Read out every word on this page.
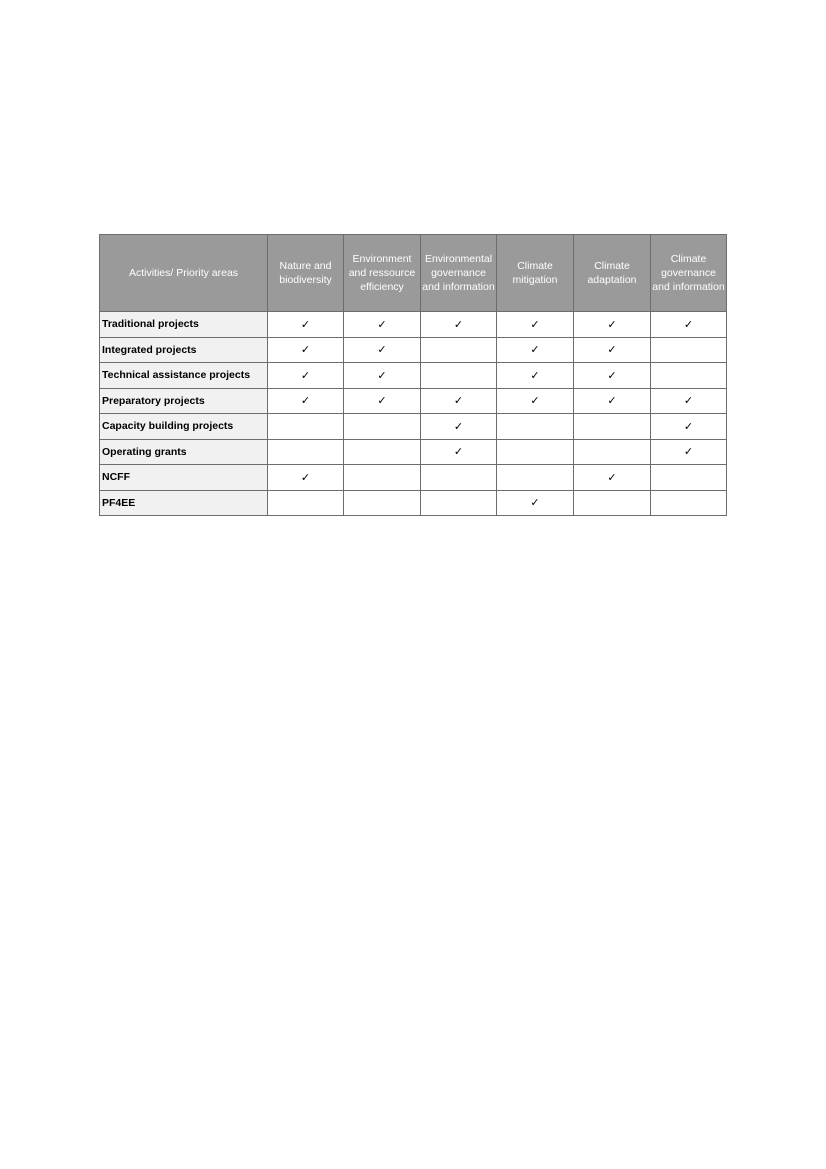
Activities/ Priority areas	Nature and biodiversity	Environment and ressource efficiency	Environmental governance and information	Climate mitigation	Climate adaptation	Climate governance and information

Traditional projects	✓	✓	✓	✓	✓	✓
Integrated projects	✓	✓		✓	✓	
Technical assistance projects	✓	✓		✓	✓	
Preparatory projects	✓	✓	✓	✓	✓	✓
Capacity building projects			✓			✓
Operating grants			✓			✓
NCFF	✓				✓	
PF4EE				✓		
